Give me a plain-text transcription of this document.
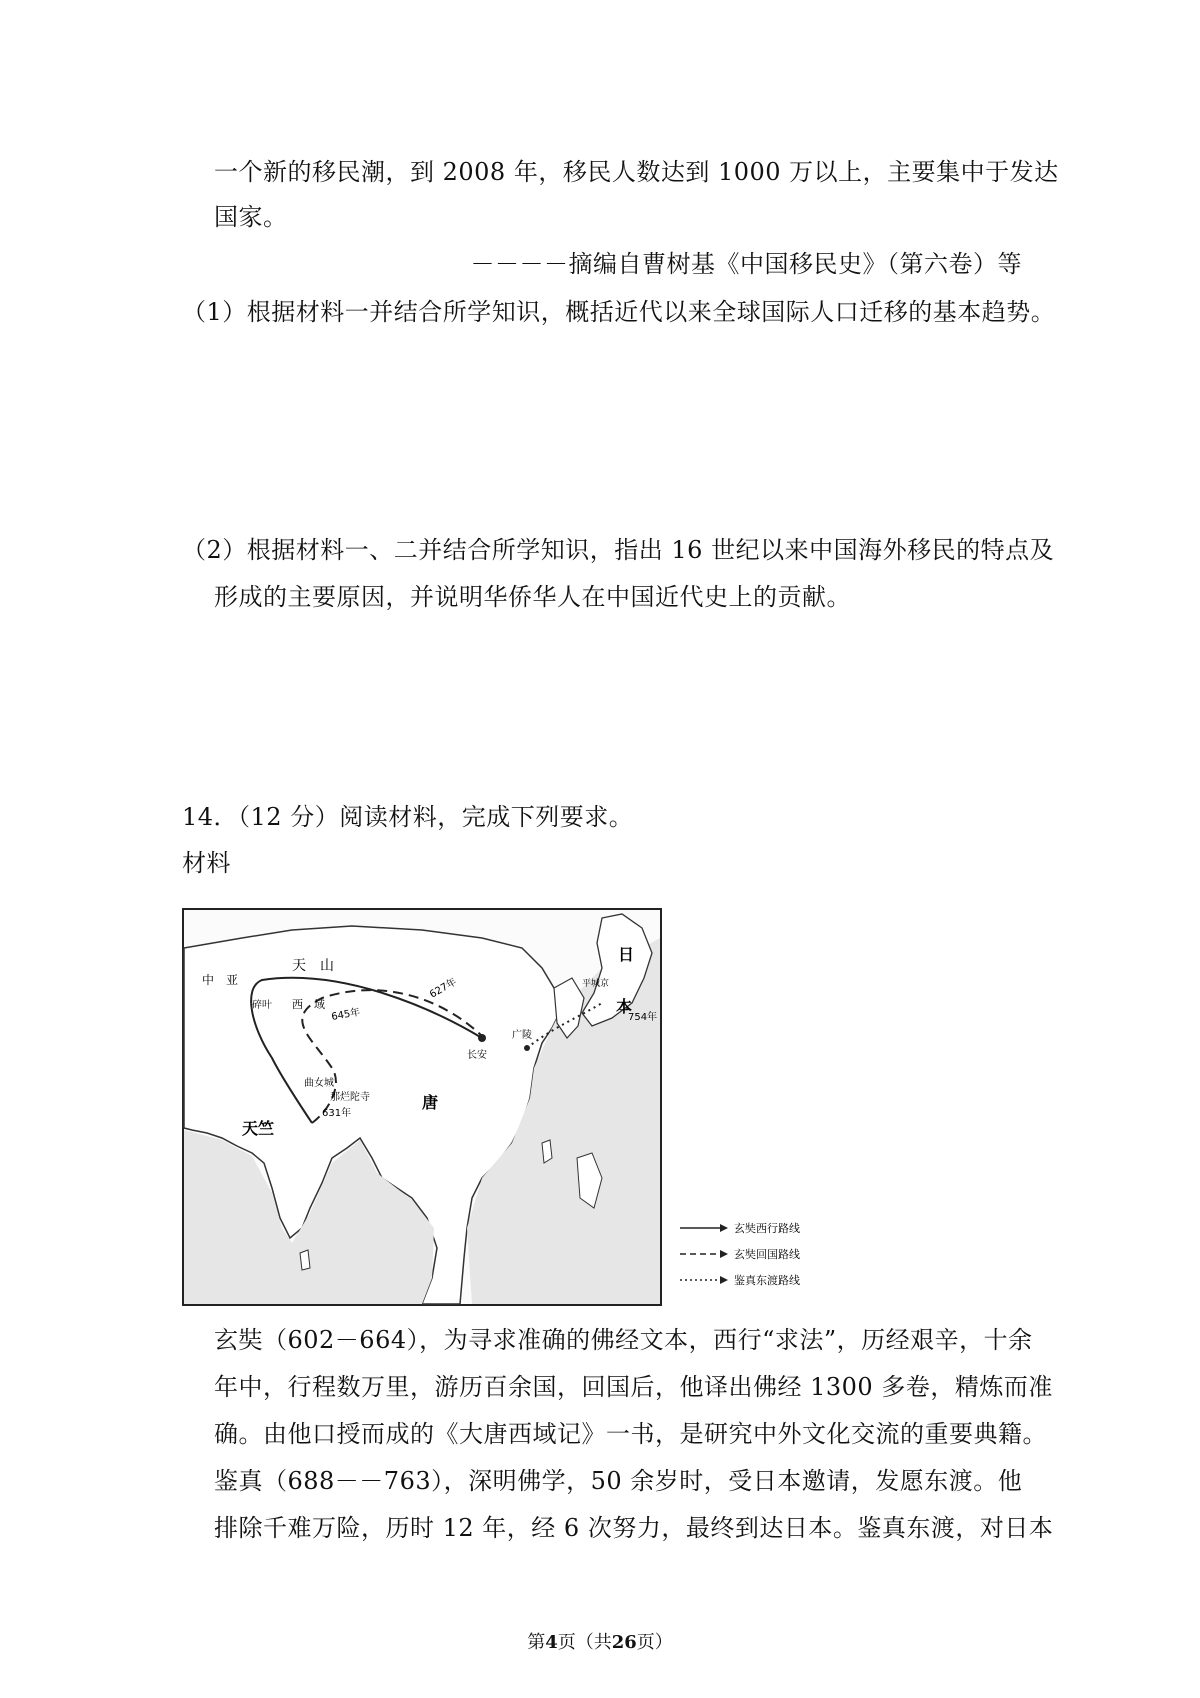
一个新的移民潮，到 2008 年，移民人数达到 1000 万以上，主要集中于发达
国家。
－－－－摘编自曹树基《中国移民史》（第六卷）等
（1）根据材料一并结合所学知识，概括近代以来全球国际人口迁移的基本趋势。
（2）根据材料一、二并结合所学知识，指出 16 世纪以来中国海外移民的特点及
形成的主要原因，并说明华侨华人在中国近代史上的贡献。
14．（12 分）阅读材料，完成下列要求。
材料
天　山
中　亚
碎叶 西　域
645年
627年
长安
广陵
唐
曲女城
那烂陀寺
631年
天竺
日
平城京
本
754年
玄奘西行路线
玄奘回国路线
鉴真东渡路线
玄奘（602－664），为寻求准确的佛经文本，西行“求法”，历经艰辛，十余
年中，行程数万里，游历百余国，回国后，他译出佛经 1300 多卷，精炼而准
确。由他口授而成的《大唐西域记》一书，是研究中外文化交流的重要典籍。
鉴真（688－－763），深明佛学，50 余岁时，受日本邀请，发愿东渡。他
排除千难万险，历时 12 年，经 6 次努力，最终到达日本。鉴真东渡，对日本
第4页（共26页）
